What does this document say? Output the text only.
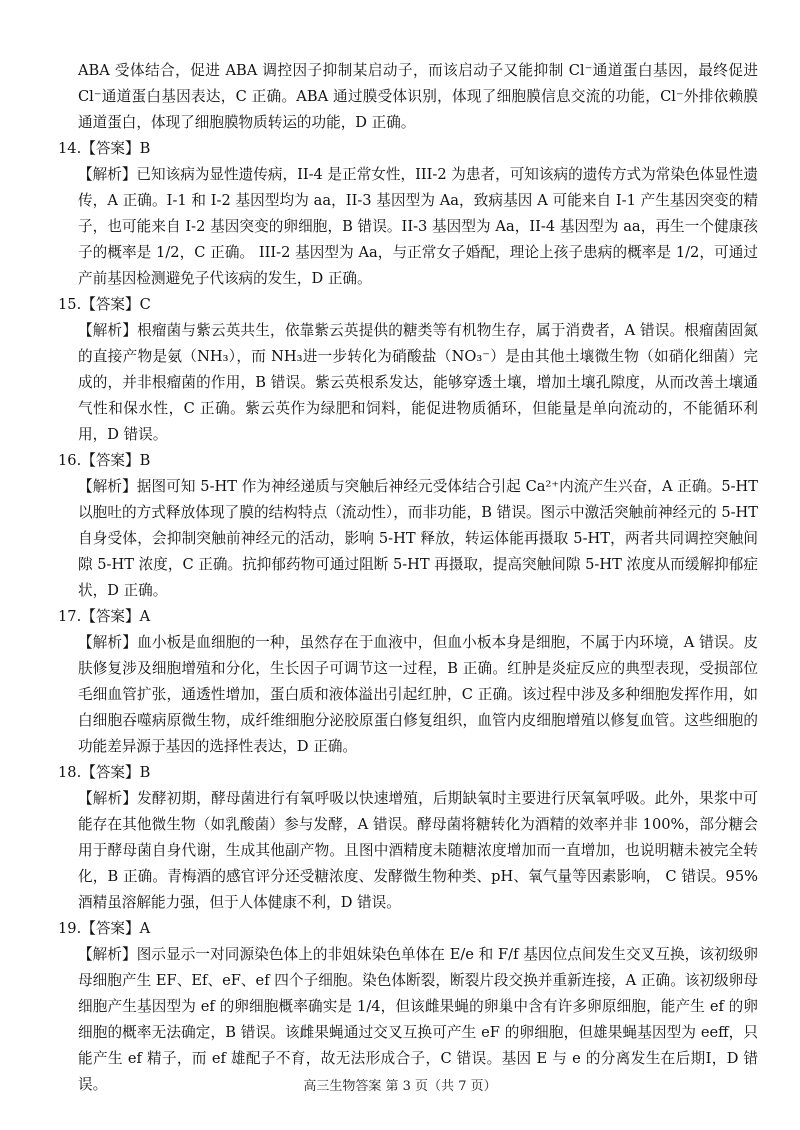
ABA 受体结合，促进 ABA 调控因子抑制某启动子，而该启动子又能抑制 Cl⁻通道蛋白基因，最终促进 Cl⁻通道蛋白基因表达，C 正确。ABA 通过膜受体识别，体现了细胞膜信息交流的功能，Cl⁻外排依赖膜通道蛋白，体现了细胞膜物质转运的功能，D 正确。

14.【答案】B

【解析】已知该病为显性遗传病，II-4 是正常女性，III-2 为患者，可知该病的遗传方式为常染色体显性遗传，A 正确。I-1 和 I-2 基因型均为 aa，II-3 基因型为 Aa，致病基因 A 可能来自 I-1 产生基因突变的精子，也可能来自 I-2 基因突变的卵细胞，B 错误。II-3 基因型为 Aa，II-4 基因型为 aa，再生一个健康孩子的概率是 1/2，C 正确。 III-2 基因型为 Aa，与正常女子婚配，理论上孩子患病的概率是 1/2，可通过产前基因检测避免子代该病的发生，D 正确。

15.【答案】C

【解析】根瘤菌与紫云英共生，依靠紫云英提供的糖类等有机物生存，属于消费者，A 错误。根瘤菌固氮的直接产物是氨（NH₃），而 NH₃进一步转化为硝酸盐（NO₃⁻）是由其他土壤微生物（如硝化细菌）完成的，并非根瘤菌的作用，B 错误。紫云英根系发达，能够穿透土壤，增加土壤孔隙度，从而改善土壤通气性和保水性，C 正确。紫云英作为绿肥和饲料，能促进物质循环，但能量是单向流动的，不能循环利用，D 错误。

16.【答案】B

【解析】据图可知 5-HT 作为神经递质与突触后神经元受体结合引起 Ca²⁺内流产生兴奋，A 正确。5-HT 以胞吐的方式释放体现了膜的结构特点（流动性），而非功能，B 错误。图示中激活突触前神经元的 5-HT 自身受体，会抑制突触前神经元的活动，影响 5-HT 释放，转运体能再摄取 5-HT，两者共同调控突触间隙 5-HT 浓度，C 正确。抗抑郁药物可通过阻断 5-HT 再摄取，提高突触间隙 5-HT 浓度从而缓解抑郁症状，D 正确。

17.【答案】A

【解析】血小板是血细胞的一种，虽然存在于血液中，但血小板本身是细胞，不属于内环境，A 错误。皮肤修复涉及细胞增殖和分化，生长因子可调节这一过程，B 正确。红肿是炎症反应的典型表现，受损部位毛细血管扩张，通透性增加，蛋白质和液体溢出引起红肿，C 正确。该过程中涉及多种细胞发挥作用，如白细胞吞噬病原微生物，成纤维细胞分泌胶原蛋白修复组织，血管内皮细胞增殖以修复血管。这些细胞的功能差异源于基因的选择性表达，D 正确。

18.【答案】B

【解析】发酵初期，酵母菌进行有氧呼吸以快速增殖，后期缺氧时主要进行厌氧氧呼吸。此外，果浆中可能存在其他微生物（如乳酸菌）参与发酵，A 错误。酵母菌将糖转化为酒精的效率并非 100%，部分糖会用于酵母菌自身代谢，生成其他副产物。且图中酒精度未随糖浓度增加而一直增加，也说明糖未被完全转化，B 正确。青梅酒的感官评分还受糖浓度、发酵微生物种类、pH、氧气量等因素影响， C 错误。95%酒精虽溶解能力强，但于人体健康不利，D 错误。

19.【答案】A

【解析】图示显示一对同源染色体上的非姐妹染色单体在 E/e 和 F/f 基因位点间发生交叉互换，该初级卵母细胞产生 EF、Ef、eF、ef 四个子细胞。染色体断裂，断裂片段交换并重新连接，A 正确。该初级卵母细胞产生基因型为 ef 的卵细胞概率确实是 1/4，但该雌果蝇的卵巢中含有许多卵原细胞，能产生 ef 的卵细胞的概率无法确定，B 错误。该雌果蝇通过交叉互换可产生 eF 的卵细胞，但雄果蝇基因型为 eeff，只能产生 ef 精子，而 ef 雄配子不育，故无法形成合子，C 错误。基因 E 与 e 的分离发生在后期I，D 错误。	高三生物答案 第 3 页（共 7 页）
